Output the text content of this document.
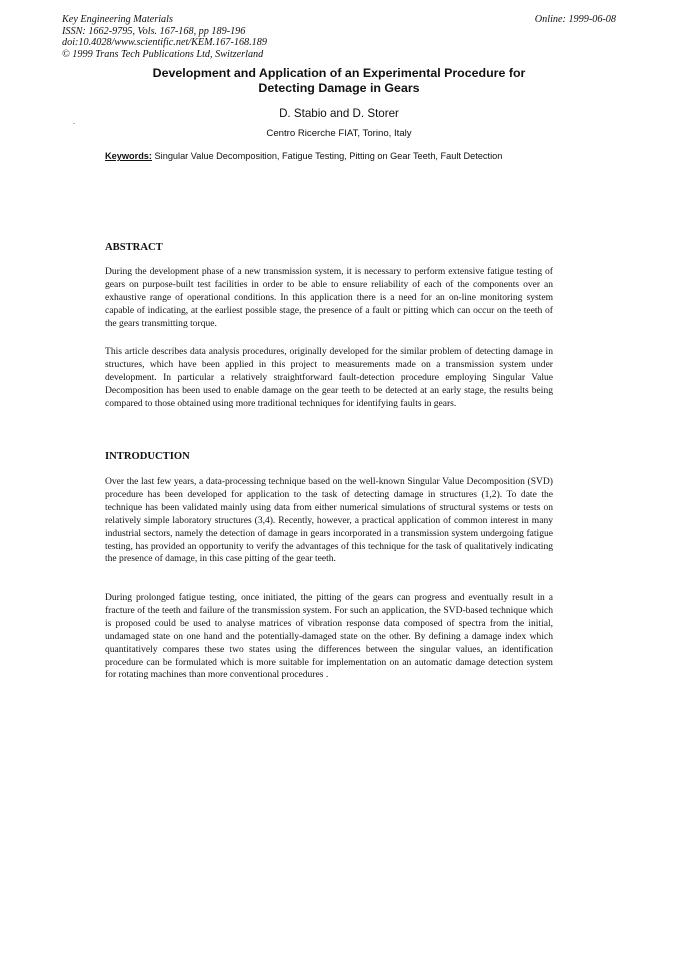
Key Engineering Materials
ISSN: 1662-9795, Vols. 167-168, pp 189-196
doi:10.4028/www.scientific.net/KEM.167-168.189
© 1999 Trans Tech Publications Ltd, Switzerland
Online: 1999-06-08
Development and Application of an Experimental Procedure for
Detecting Damage in Gears
D. Stabio and D. Storer
Centro Ricerche FIAT, Torino, Italy
Keywords: Singular Value Decomposition, Fatigue Testing, Pitting on Gear Teeth, Fault Detection
ABSTRACT

During the development phase of a new transmission system, it is necessary to perform extensive fatigue testing of gears on purpose-built test facilities in order to be able to ensure reliability of each of the components over an exhaustive range of operational conditions. In this application there is a need for an on-line monitoring system capable of indicating, at the earliest possible stage, the presence of a fault or pitting which can occur on the teeth of the gears transmitting torque.

This article describes data analysis procedures, originally developed for the similar problem of detecting damage in structures, which have been applied in this project to measurements made on a transmission system under development. In particular a relatively straightforward fault-detection procedure employing Singular Value Decomposition has been used to enable damage on the gear teeth to be detected at an early stage, the results being compared to those obtained using more traditional techniques for identifying faults in gears.

INTRODUCTION

Over the last few years, a data-processing technique based on the well-known Singular Value Decomposition (SVD) procedure has been developed for application to the task of detecting damage in structures (1,2). To date the technique has been validated mainly using data from either numerical simulations of structural systems or tests on relatively simple laboratory structures (3,4). Recently, however, a practical application of common interest in many industrial sectors, namely the detection of damage in gears incorporated in a transmission system undergoing fatigue testing, has provided an opportunity to verify the advantages of this technique for the task of qualitatively indicating the presence of damage, in this case pitting of the gear teeth.

During prolonged fatigue testing, once initiated, the pitting of the gears can progress and eventually result in a fracture of the teeth and failure of the transmission system. For such an application, the SVD-based technique which is proposed could be used to analyse matrices of vibration response data composed of spectra from the initial, undamaged state on one hand and the potentially-damaged state on the other. By defining a damage index which quantitatively compares these two states using the differences between the singular values, an identification procedure can be formulated which is more suitable for implementation on an automatic damage detection system for rotating machines than more conventional procedures .
